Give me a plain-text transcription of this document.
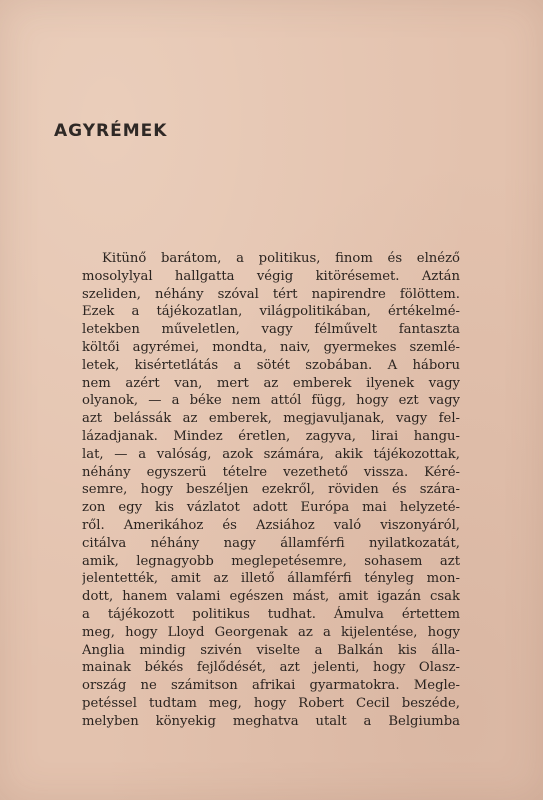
AGYRÉMEK
Kitünő barátom, a politikus, finom és elnéző
mosolylyal hallgatta végig kitörésemet. Aztán
szeliden, néhány szóval tért napirendre fölöttem.
Ezek a tájékozatlan, világpolitikában, értékelmé‐
letekben műveletlen, vagy félművelt fantaszta
költői agyrémei, mondta, naiv, gyermekes szemlé‐
letek, kisértetlátás a sötét szobában. A háboru
nem azért van, mert az emberek ilyenek vagy
olyanok, — a béke nem attól függ, hogy ezt vagy
azt belássák az emberek, megjavuljanak, vagy fel‐
lázadjanak. Mindez éretlen, zagyva, lirai hangu‐
lat, — a valóság, azok számára, akik tájékozottak,
néhány egyszerü tételre vezethető vissza. Kéré‐
semre, hogy beszéljen ezekről, röviden és szára‐
zon egy kis vázlatot adott Európa mai helyzeté‐
ről. Amerikához és Azsiához való viszonyáról,
citálva néhány nagy államférfi nyilatkozatát,
amik, legnagyobb meglepetésemre, sohasem azt
jelentették, amit az illető államférfi tényleg mon‐
dott, hanem valami egészen mást, amit igazán csak
a tájékozott politikus tudhat. Ámulva értettem
meg, hogy Lloyd Georgenak az a kijelentése, hogy
Anglia mindig szivén viselte a Balkán kis álla‐
mainak békés fejlődését, azt jelenti, hogy Olasz‐
ország ne számitson afrikai gyarmatokra. Megle‐
petéssel tudtam meg, hogy Robert Cecil beszéde,
melyben könyekig meghatva utalt a Belgiumba
